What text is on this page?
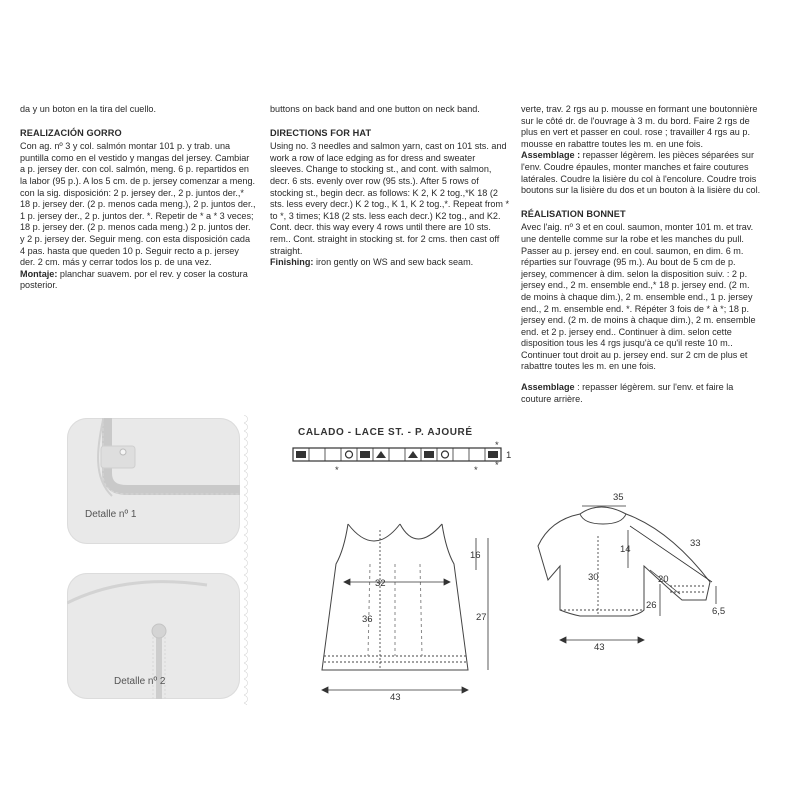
da y un boton en la tira del cuello.

REALIZACIÓN GORRO

Con ag. nº 3 y col. salmón montar 101 p. y trab. una puntilla como en el vestido y mangas del jersey. Cambiar a p. jersey der. con col. salmón, meng. 6 p. repartidos en la labor (95 p.). A los 5 cm. de p. jersey comenzar a meng. con la sig. disposición: 2 p. jersey der., 2 p. juntos der.,* 18 p. jersey der. (2 p. menos cada meng.), 2 p. juntos der., 1 p. jersey der., 2 p. juntos der. *. Repetir de * a * 3 veces; 18 p. jersey der. (2 p. menos cada meng.) 2 p. juntos der. y 2 p. jersey der. Seguir meng. con esta disposición cada 4 pas. hasta que queden 10 p. Seguir recto a p. jersey der. 2 cm. más y cerrar todos los p. de una vez.

Montaje: planchar suavem. por el rev. y coser la costura posterior.

buttons on back band and one button on neck band.

DIRECTIONS FOR HAT

Using no. 3 needles and salmon yarn, cast on 101 sts. and work a row of lace edging as for dress and sweater sleeves. Change to stocking st., and cont. with salmon, decr. 6 sts. evenly over row (95 sts.). After 5 rows of stocking st., begin decr. as follows: K 2, K 2 tog.,*K 18 (2 sts. less every decr.) K 2 tog., K 1, K 2 tog.,*. Repeat from * to *, 3 times; K18 (2 sts. less each decr.) K2 tog., and K2. Cont. decr. this way every 4 rows until there are 10 sts. rem.. Cont. straight in stocking st. for 2 cms. then cast off straight.

Finishing: iron gently on WS and sew back seam.

verte, trav. 2 rgs au p. mousse en formant une boutonnière sur le côté dr. de l'ouvrage à 3 m. du bord. Faire 2 rgs de plus en vert et passer en coul. rose ; travailler 4 rgs au p. mousse en rabattre toutes les m. en une fois.

Assemblage : repasser légèrem. les pièces séparées sur l'env. Coudre épaules, monter manches et faire coutures latérales. Coudre la lisière du col à l'encolure. Coudre trois boutons sur la lisière du dos et un bouton à la lisière du col.

RÉALISATION BONNET

Avec l'aig. nº 3 et en coul. saumon, monter 101 m. et trav. une dentelle comme sur la robe et les manches du pull. Passer au p. jersey end. en coul. saumon, en dim. 6 m. réparties sur l'ouvrage (95 m.). Au bout de 5 cm de p. jersey, commencer à dim. selon la disposition suiv. : 2 p. jersey end., 2 m. ensemble end.,* 18 p. jersey end. (2 m. de moins à chaque dim.), 2 m. ensemble end., 1 p. jersey end., 2 m. ensemble end. *. Répéter 3 fois de * à *; 18 p. jersey end. (2 m. de moins à chaque dim.), 2 m. ensemble end. et 2 p. jersey end.. Continuer à dim. selon cette disposition tous les 4 rgs jusqu'à ce qu'il reste 10 m.. Continuer tout droit au p. jersey end. sur 2 cm de plus et rabattre toutes les m. en une fois.

Assemblage : repasser légèrem. sur l'env. et faire la couture arrière.

Detalle nº 1
Detalle nº 2
CALADO - LACE ST. - P. AJOURÉ
1
*	*
*
*
32
36
16
27
43
35
33
14
30	20
6,5
26
43
